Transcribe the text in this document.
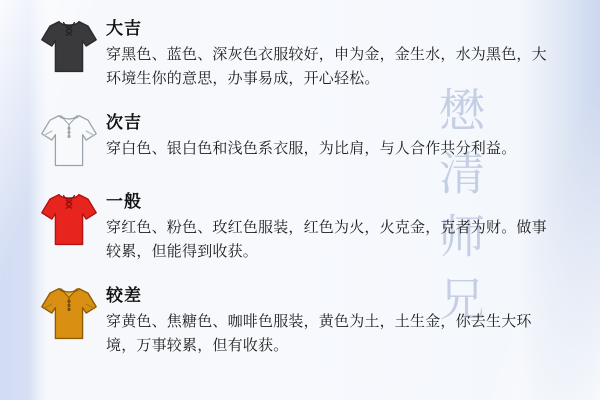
懋清师兄
大吉
穿黑色、蓝色、深灰色衣服较好，申为金，金生水，水为黑色，大环境生你的意思，办事易成，开心轻松。
次吉
穿白色、银白色和浅色系衣服，为比肩，与人合作共分利益。
一般
穿红色、粉色、玫红色服装，红色为火，火克金，克者为财。做事较累，但能得到收获。
较差
穿黄色、焦糖色、咖啡色服装，黄色为土，土生金，你去生大环境，万事较累，但有收获。
